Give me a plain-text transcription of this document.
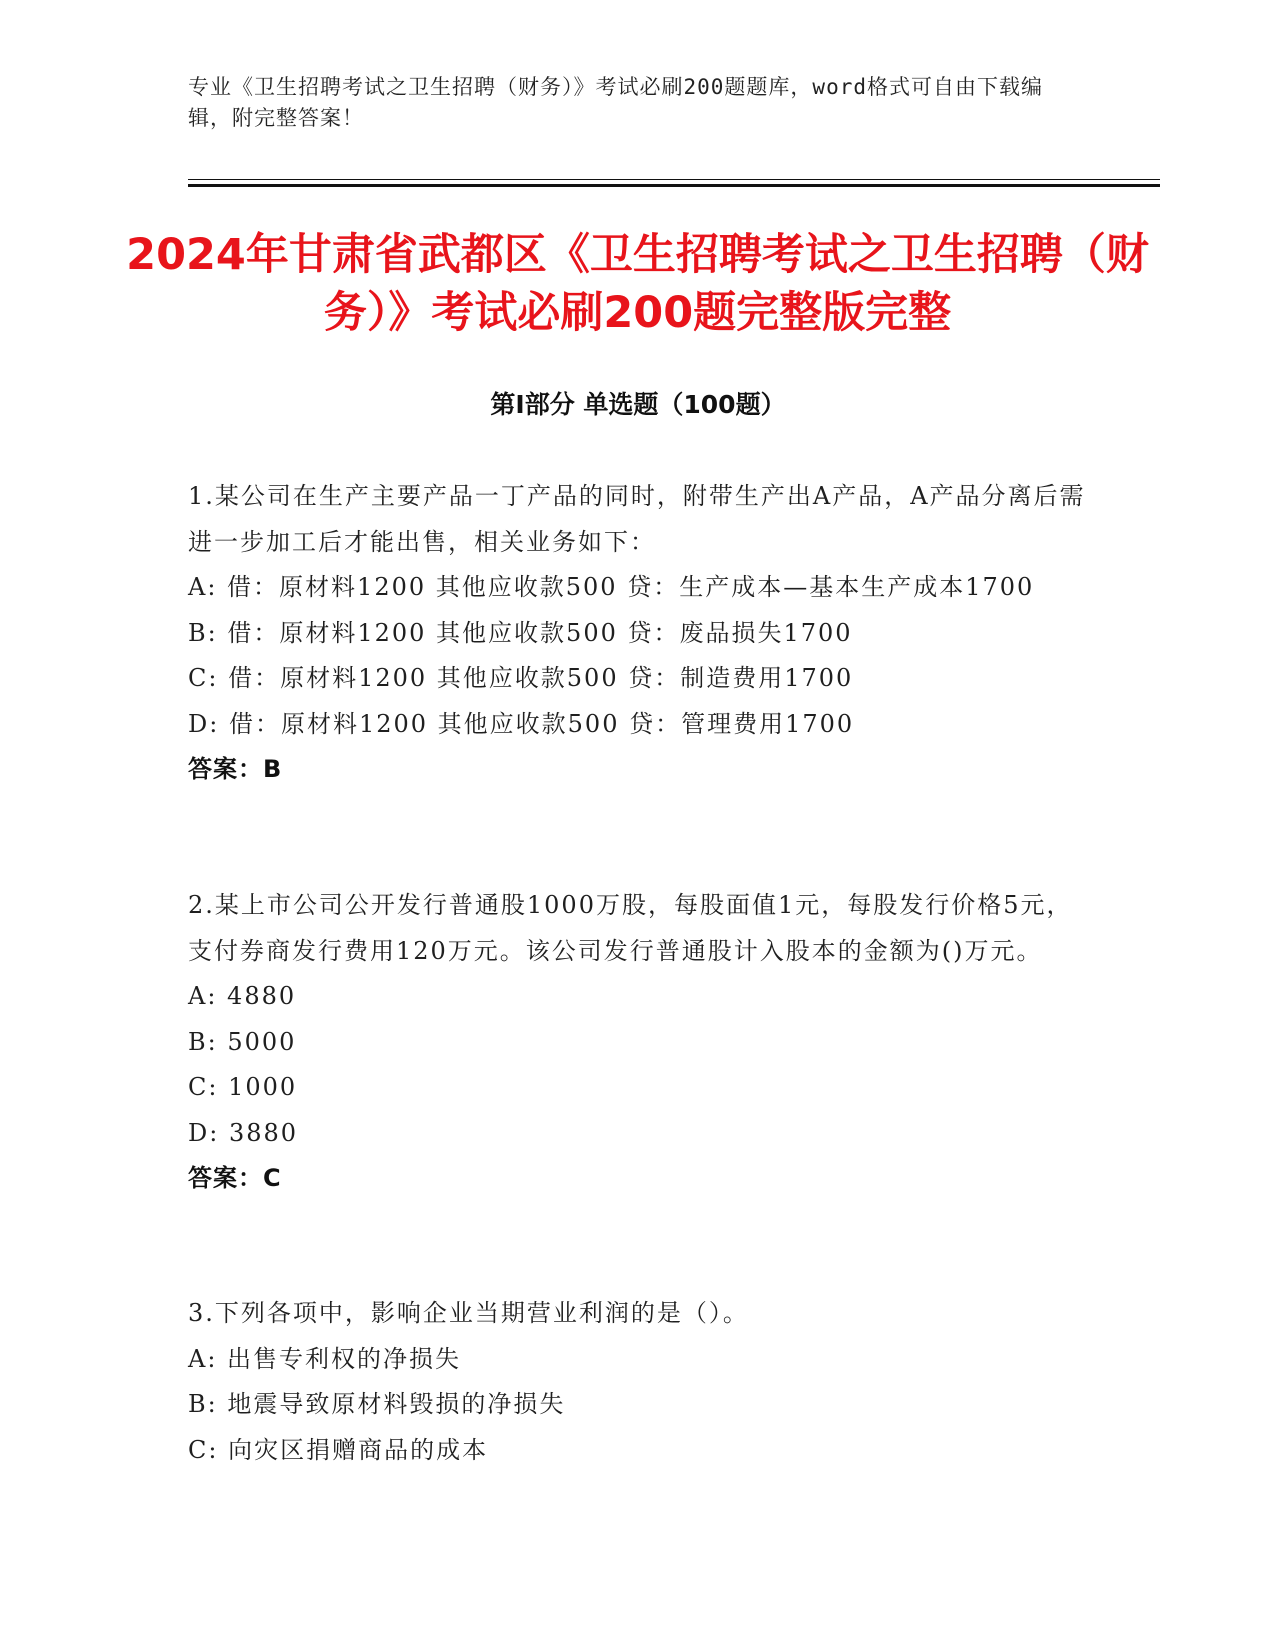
专业《卫生招聘考试之卫生招聘（财务）》考试必刷200题题库，word格式可自由下载编辑，附完整答案！
2024年甘肃省武都区《卫生招聘考试之卫生招聘（财务）》考试必刷200题完整版完整
第Ⅰ部分 单选题（100题）

1.某公司在生产主要产品一丁产品的同时，附带生产出A产品，A产品分离后需进一步加工后才能出售，相关业务如下：

A: 借：原材料1200 其他应收款500 贷：生产成本—基本生产成本1700

B: 借：原材料1200 其他应收款500 贷：废品损失1700

C: 借：原材料1200 其他应收款500 贷：制造费用1700

D: 借：原材料1200 其他应收款500 贷：管理费用1700

答案：B

2.某上市公司公开发行普通股1000万股，每股面值1元，每股发行价格5元，支付券商发行费用120万元。该公司发行普通股计入股本的金额为()万元。

A: 4880

B: 5000

C: 1000

D: 3880

答案：C

3.下列各项中，影响企业当期营业利润的是（）。

A: 出售专利权的净损失

B: 地震导致原材料毁损的净损失

C: 向灾区捐赠商品的成本
